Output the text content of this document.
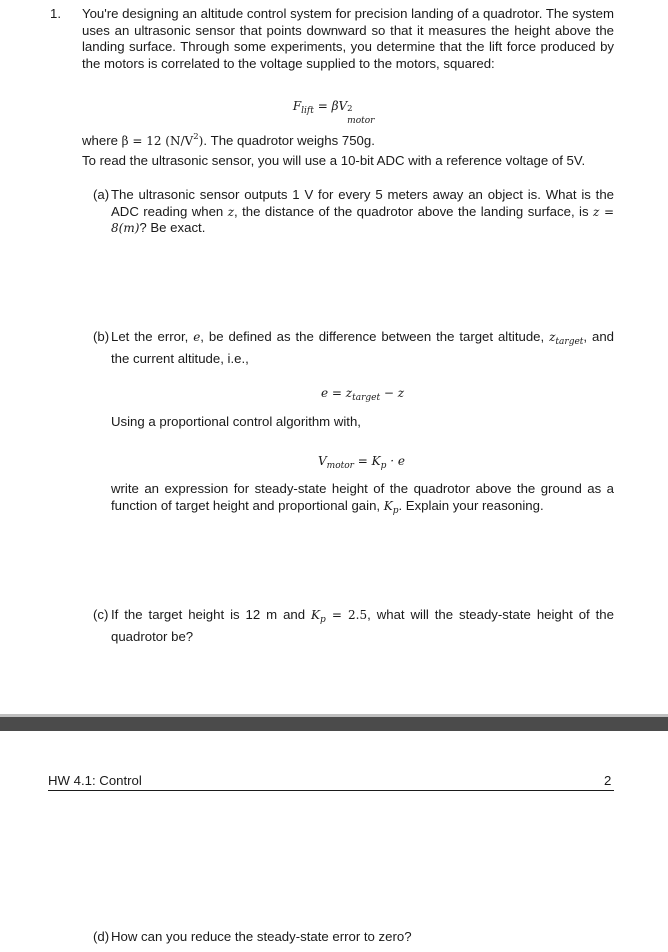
1. You're designing an altitude control system for precision landing of a quadrotor. The system uses an ultrasonic sensor that points downward so that it measures the height above the landing surface. Through some experiments, you determine that the lift force produced by the motors is correlated to the voltage supplied to the motors, squared:
$F_{lift} = \beta V$ 2
motor
where β = 12 $(N/V^2)$. The quadrotor weighs 750g.
To read the ultrasonic sensor, you will use a 10-bit ADC with a reference voltage of 5V.
(a) The ultrasonic sensor outputs 1 V for every 5 meters away an object is. What is the ADC reading when z, the distance of the quadrotor above the landing surface, is z = 8(m)? Be exact.
(b) Let the error, e, be defined as the difference between the target altitude, $z_{target}$, and the current altitude, i.e.,
$e = z_{target} - z$
Using a proportional control algorithm with,
$V_{motor} = K_p \cdot e$
write an expression for steady-state height of the quadrotor above the ground as a function of target height and proportional gain, $K_p$. Explain your reasoning.
(c) If the target height is 12 m and $K_p = 2.5$, what will the steady-state height of the quadrotor be?
HW 4.1: Control	2
(d) How can you reduce the steady-state error to zero?
